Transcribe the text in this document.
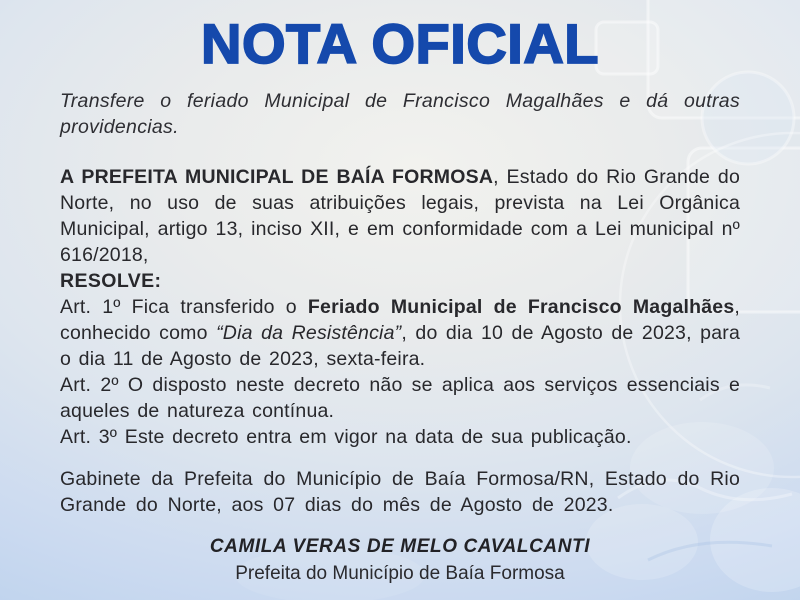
NOTA OFICIAL

Transfere o feriado Municipal de Francisco Magalhães e dá outras providencias.

A PREFEITA MUNICIPAL DE BAÍA FORMOSA, Estado do Rio Grande do Norte, no uso de suas atribuições legais, prevista na Lei Orgânica Municipal, artigo 13, inciso XII, e em conformidade com a Lei municipal nº 616/2018,

RESOLVE:

Art. 1º Fica transferido o Feriado Municipal de Francisco Magalhães, conhecido como “Dia da Resistência”, do dia 10 de Agosto de 2023, para o dia 11 de Agosto de 2023, sexta-feira.

Art. 2º O disposto neste decreto não se aplica aos serviços essenciais e aqueles de natureza contínua.

Art. 3º Este decreto entra em vigor na data de sua publicação.

Gabinete da Prefeita do Município de Baía Formosa/RN, Estado do Rio Grande do Norte, aos 07 dias do mês de Agosto de 2023.

CAMILA VERAS DE MELO CAVALCANTI
Prefeita do Município de Baía Formosa
